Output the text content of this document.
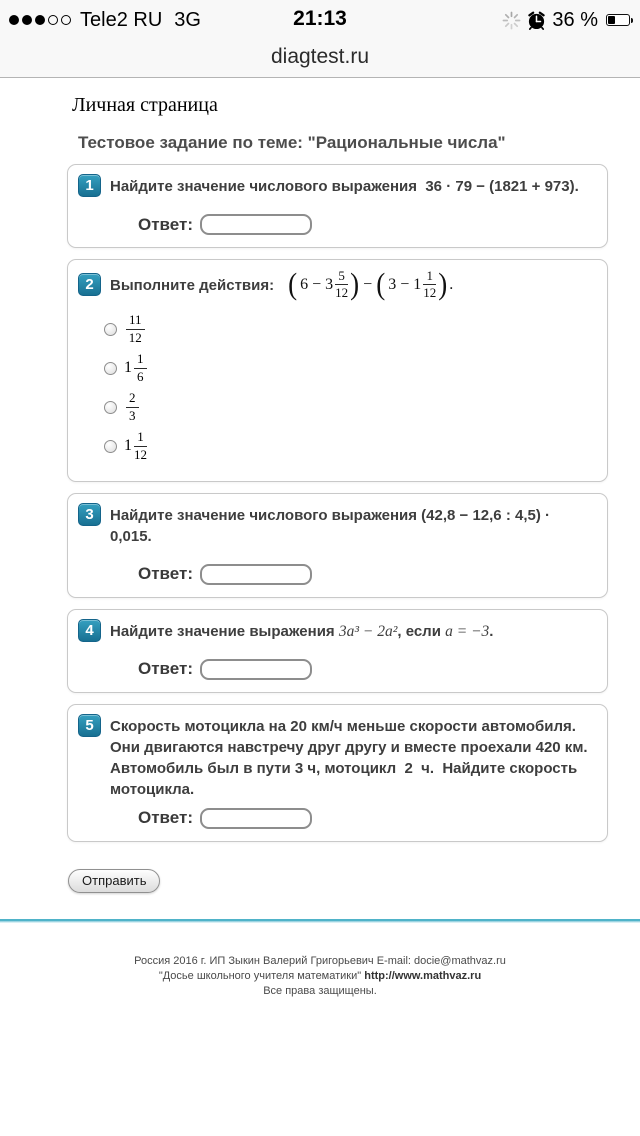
Tele2 RU 3G	21:13	36 %
diagtest.ru
Личная страница
Тестовое задание по теме: "Рациональные числа"
1	Найдите значение числового выражения  36 · 79 − (1821 + 973).
Ответ:
2	Выполните действия: ( $6 - 3 \frac{5}{12}$ ) − ( $3 - 1 \frac{1}{12}$ ) .
$\frac{11}{12}$
$1 \frac{1}{6}$
$\frac{2}{3}$
$1 \frac{1}{12}$
3	Найдите значение числового выражения (42,8 − 12,6 : 4,5) · 0,015.
Ответ:
4	Найдите значение выражения 3a³ − 2a², если a = −3.
Ответ:
5	Скорость мотоцикла на 20 км/ч меньше скорости автомобиля. Они двигаются навстречу друг другу и вместе проехали 420 км. Автомобиль был в пути 3 ч, мотоцикл  2  ч.  Найдите скорость мотоцикла.
Ответ:
Отправить
Россия 2016 г. ИП Зыкин Валерий Григорьевич E-mail: docie@mathvaz.ru
"Досье школьного учителя математики" http://www.mathvaz.ru
Все права защищены.
